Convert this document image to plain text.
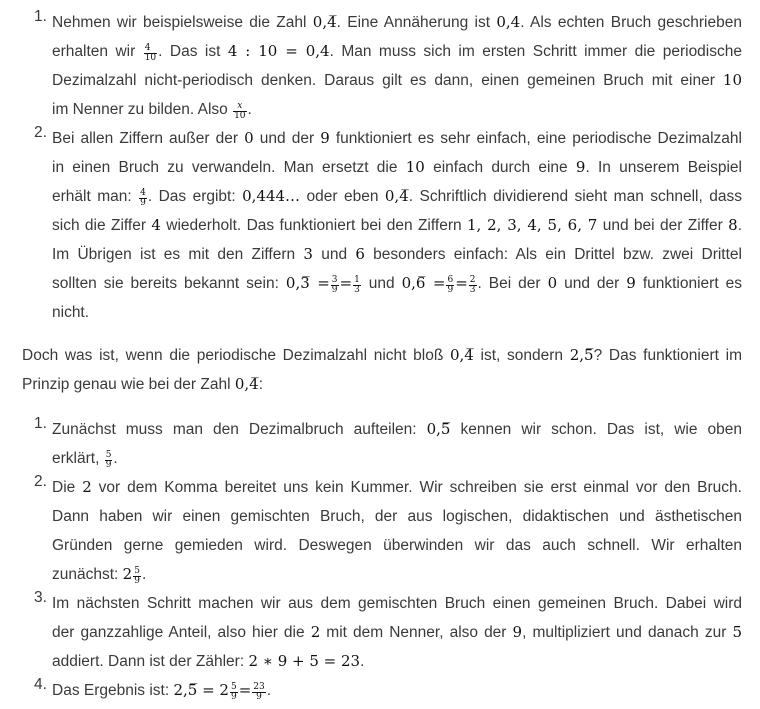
1. Nehmen wir beispielsweise die Zahl 0,4̅. Eine Annäherung ist 0,4. Als echten Bruch geschrieben
erhalten wir $\frac{4}{10}$ . Das ist 4 : 10 = 0,4. Man muss sich im ersten Schritt immer die periodische
Dezimalzahl nicht-periodisch denken. Daraus gilt es dann, einen gemeinen Bruch mit einer 10
im Nenner zu bilden. Also $\frac{x}{10}$ .
2. Bei allen Ziffern außer der 0 und der 9 funktioniert es sehr einfach, eine periodische Dezimalzahl
in einen Bruch zu verwandeln. Man ersetzt die 10 einfach durch eine 9. In unserem Beispiel
erhält man: $\frac{4}{9}$ . Das ergibt: 0,444… oder eben 0,4̅. Schriftlich dividierend sieht man schnell, dass
sich die Ziffer 4 wiederholt. Das funktioniert bei den Ziffern 1, 2, 3, 4, 5, 6, 7 und bei der Ziffer 8.
Im Übrigen ist es mit den Ziffern 3 und 6 besonders einfach: Als ein Drittel bzw. zwei Drittel
sollten sie bereits bekannt sein: 0,3̅ = $\frac{3}{9} = \frac{1}{3}$ und 0,6̅ = $\frac{6}{9} = \frac{2}{3}$ . Bei der 0 und der 9 funktioniert es
nicht.

Doch was ist, wenn die periodische Dezimalzahl nicht bloß 0,4̅ ist, sondern 2,5̅? Das funktioniert im
Prinzip genau wie bei der Zahl 0,4̅:

1. Zunächst muss man den Dezimalbruch aufteilen: 0,5̅ kennen wir schon. Das ist, wie oben
erklärt, $\frac{5}{9}$ .
2. Die 2 vor dem Komma bereitet uns kein Kummer. Wir schreiben sie erst einmal vor den Bruch.
Dann haben wir einen gemischten Bruch, der aus logischen, didaktischen und ästhetischen
Gründen gerne gemieden wird. Deswegen überwinden wir das auch schnell. Wir erhalten
zunächst: $2 \frac{5}{9}$ .
3. Im nächsten Schritt machen wir aus dem gemischten Bruch einen gemeinen Bruch. Dabei wird
der ganzzahlige Anteil, also hier die 2 mit dem Nenner, also der 9, multipliziert und danach zur 5
addiert. Dann ist der Zähler: 2 ∗ 9 + 5 = 23.
4. Das Ergebnis ist: 2,5̅ = $2 \frac{5}{9} = \frac{23}{9}$ .
